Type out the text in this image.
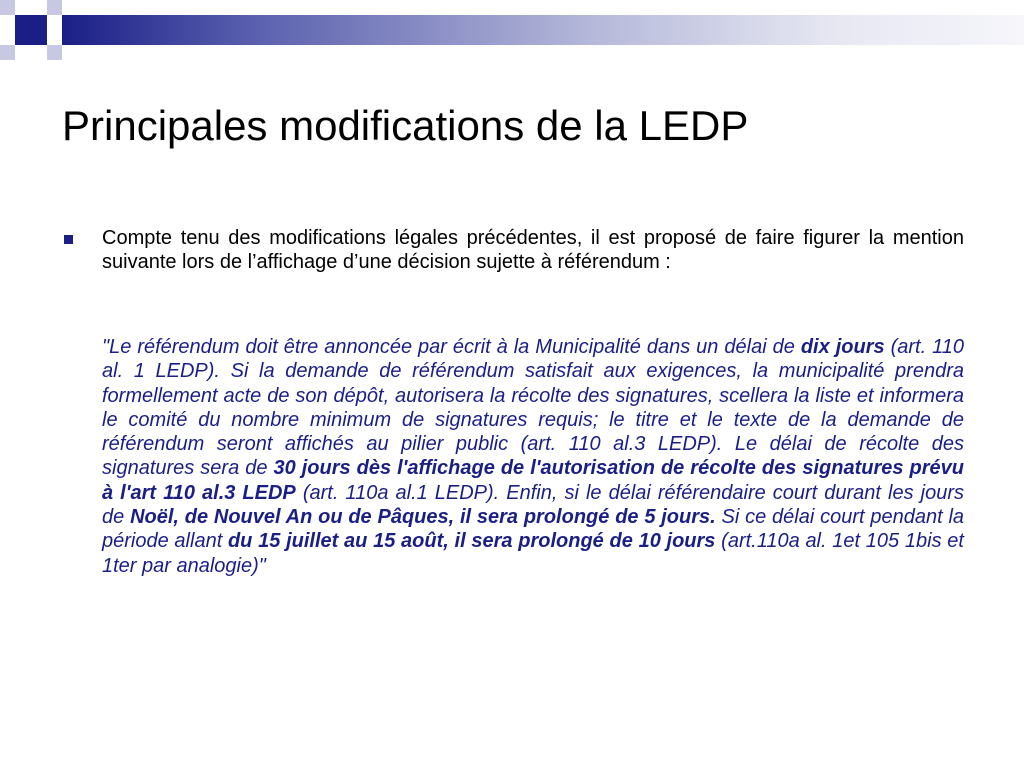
Principales modifications de la LEDP

Compte tenu des modifications légales précédentes, il est proposé de faire figurer la mention suivante lors de l’affichage d’une décision sujette à référendum :

"Le référendum doit être annoncée par écrit à la Municipalité dans un délai de dix jours (art. 110 al. 1 LEDP). Si la demande de référendum satisfait aux exigences, la municipalité prendra formellement acte de son dépôt, autorisera la récolte des signatures, scellera la liste et informera le comité du nombre minimum de signatures requis; le titre et le texte de la demande de référendum seront affichés au pilier public (art. 110 al.3 LEDP). Le délai de récolte des signatures sera de 30 jours dès l'affichage de l'autorisation de récolte des signatures prévu à l'art 110 al.3 LEDP (art. 110a al.1 LEDP). Enfin, si le délai référendaire court durant les jours de Noël, de Nouvel An ou de Pâques, il sera prolongé de 5 jours. Si ce délai court pendant la période allant du 15 juillet au 15 août, il sera prolongé de 10 jours (art.110a al. 1et 105 1bis et 1ter par analogie)"
